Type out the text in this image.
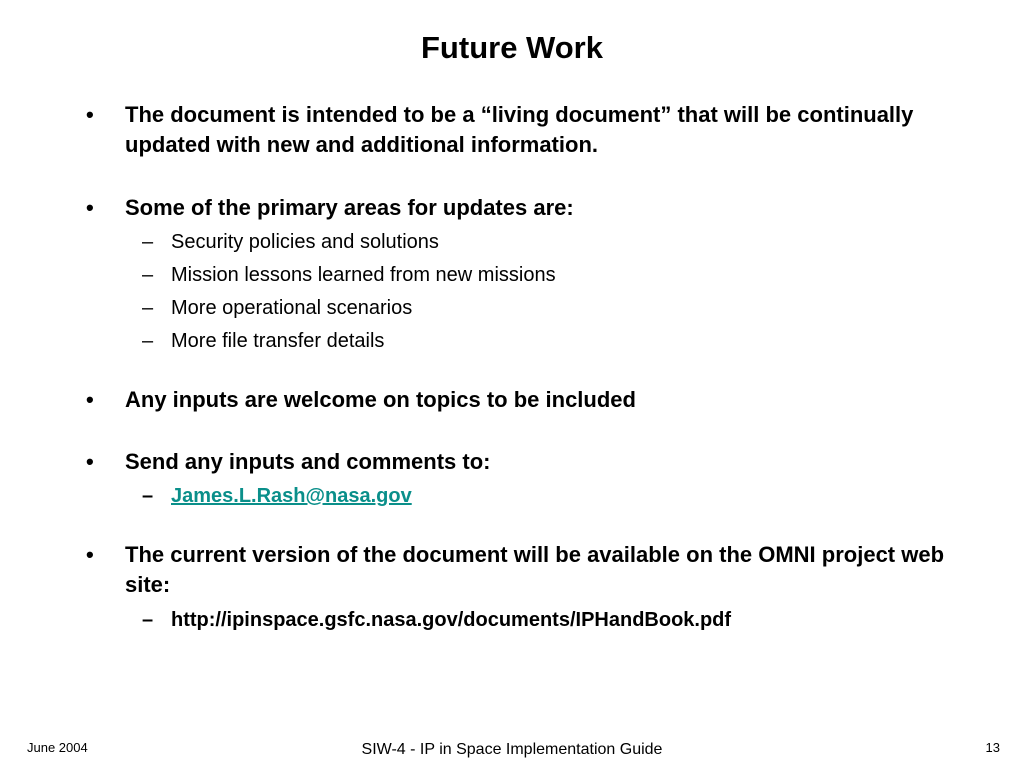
Future Work
•	The document is intended to be a “living document” that will be continually updated with new and additional information.
•	Some of the primary areas for updates are:
– Security policies and solutions
– Mission lessons learned from new missions
– More operational scenarios
– More file transfer details
•	Any inputs are welcome on topics to be included
•	Send any inputs and comments to:
– James.L.Rash@nasa.gov
•	The current version of the document will be available on the OMNI project web site:
– http://ipinspace.gsfc.nasa.gov/documents/IPHandBook.pdf
June 2004	SIW-4 - IP in Space Implementation Guide	13
